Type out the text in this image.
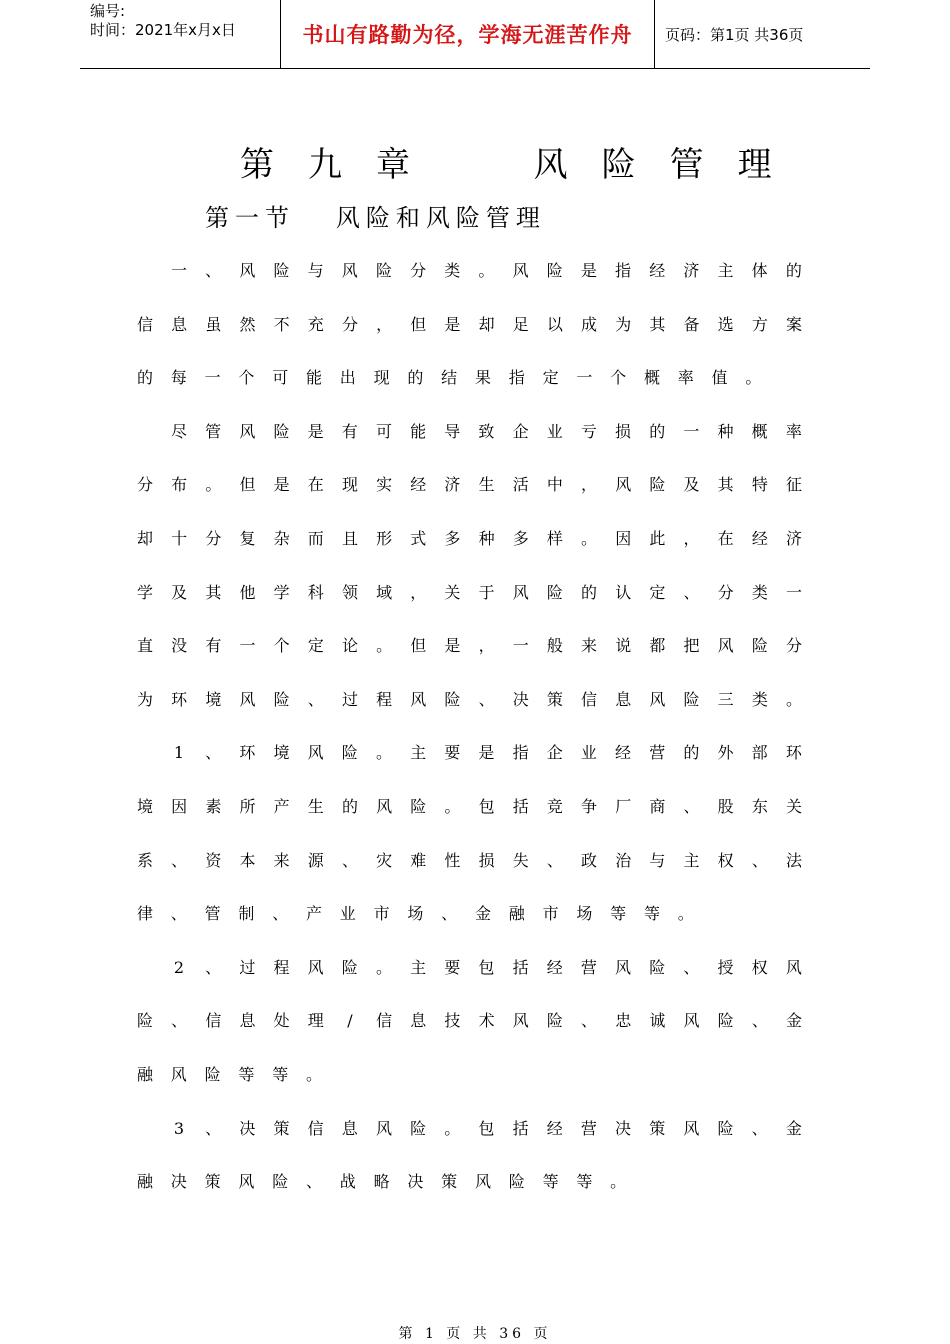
编号:
时间：2021年x月x日	书山有路勤为径，学海无涯苦作舟	页码：第1页 共36页
第九章  风险管理
第一节   风险和风险管理
一 、 风 险 与 风 险 分 类 。 风 险 是 指 经 济 主 体 的
信 息 虽 然 不 充 分 ， 但 是 却 足 以 成 为 其 备 选 方 案
的 每 一 个 可 能 出 现 的 结 果 指 定 一 个 概 率 值 。
尽 管 风 险 是 有 可 能 导 致 企 业 亏 损 的 一 种 概 率
分 布 。 但 是 在 现 实 经 济 生 活 中 ， 风 险 及 其 特 征
却 十 分 复 杂 而 且 形 式 多 种 多 样 。 因 此 ， 在 经 济
学 及 其 他 学 科 领 域 ， 关 于 风 险 的 认 定 、 分 类 一
直 没 有 一 个 定 论 。 但 是 ， 一 般 来 说 都 把 风 险 分
为 环 境 风 险 、 过 程 风 险 、 决 策 信 息 风 险 三 类 。
1 、 环 境 风 险 。 主 要 是 指 企 业 经 营 的 外 部 环
境 因 素 所 产 生 的 风 险 。 包 括 竞 争 厂 商 、 股 东 关
系 、 资 本 来 源 、 灾 难 性 损 失 、 政 治 与 主 权 、 法
律 、 管 制 、 产 业 市 场 、 金 融 市 场 等 等 。
2 、 过 程 风 险 。 主 要 包 括 经 营 风 险 、 授 权 风
险 、 信 息 处 理	/	信 息 技 术 风 险 、 忠 诚 风 险 、 金
融 风 险 等 等 。
3 、 决 策 信 息 风 险 。 包 括 经 营 决 策 风 险 、 金
融 决 策 风 险 、 战 略 决 策 风 险 等 等 。
第 1 页 共 36 页
